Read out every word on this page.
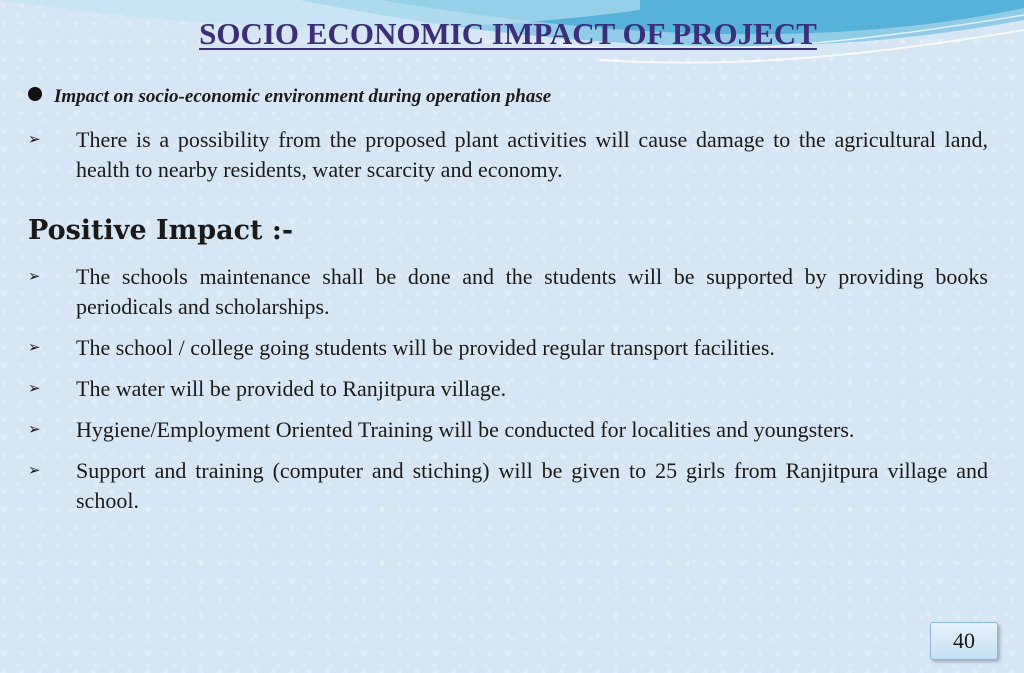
SOCIO ECONOMIC IMPACT OF PROJECT
Impact on socio-economic environment during operation phase
➢	There is a possibility from the proposed plant activities will cause damage to the agricultural land, health to nearby residents, water scarcity and economy.
Positive Impact :-
➢	The schools maintenance shall be done and the students will be supported by providing books periodicals and scholarships.
➢	The school / college going students will be provided regular transport facilities.
➢	The water will be provided to Ranjitpura village.
➢	Hygiene/Employment Oriented Training will be conducted for localities and youngsters.
➢	Support and training (computer and stiching) will be given to 25 girls from Ranjitpura village and school.
40
